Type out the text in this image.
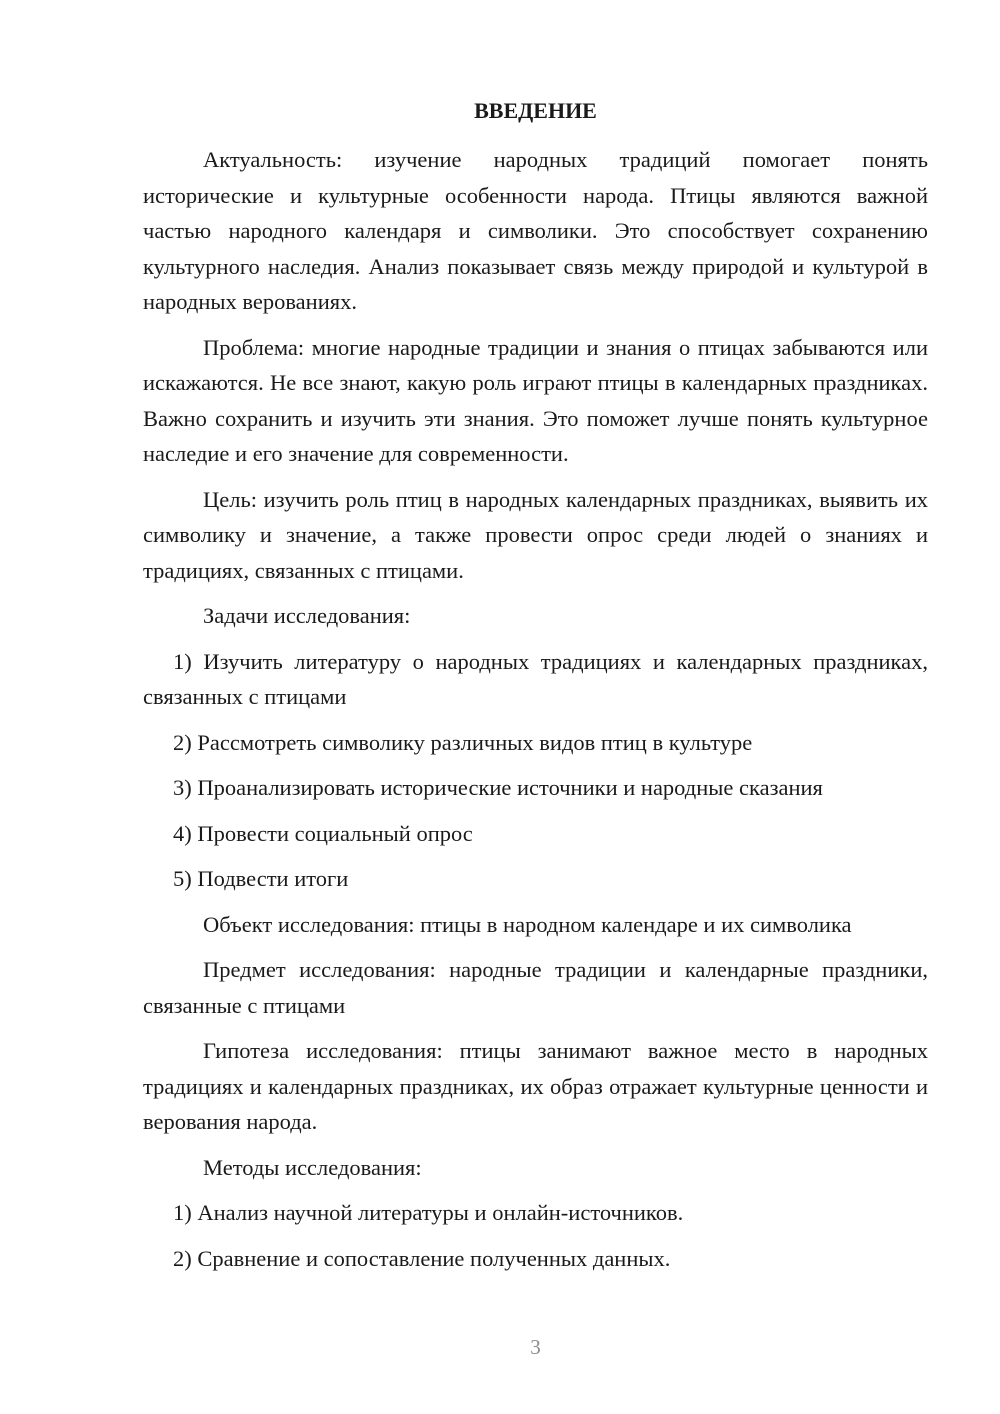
ВВЕДЕНИЕ

Актуальность: изучение народных традиций помогает понять исторические и культурные особенности народа. Птицы являются важной частью народного календаря и символики. Это способствует сохранению культурного наследия. Анализ показывает связь между природой и культурой в народных верованиях.

Проблема: многие народные традиции и знания о птицах забываются или искажаются. Не все знают, какую роль играют птицы в календарных праздниках. Важно сохранить и изучить эти знания. Это поможет лучше понять культурное наследие и его значение для современности.

Цель: изучить роль птиц в народных календарных праздниках, выявить их символику и значение, а также провести опрос среди людей о знаниях и традициях, связанных с птицами.

Задачи исследования:

1) Изучить литературу о народных традициях и календарных праздниках, связанных с птицами

2) Рассмотреть символику различных видов птиц в культуре

3) Проанализировать исторические источники и народные сказания

4) Провести социальный опрос

5) Подвести итоги

Объект исследования: птицы в народном календаре и их символика

Предмет исследования: народные традиции и календарные праздники, связанные с птицами

Гипотеза исследования: птицы занимают важное место в народных традициях и календарных праздниках, их образ отражает культурные ценности и верования народа.

Методы исследования:

1) Анализ научной литературы и онлайн-источников.

2) Сравнение и сопоставление полученных данных.

3
